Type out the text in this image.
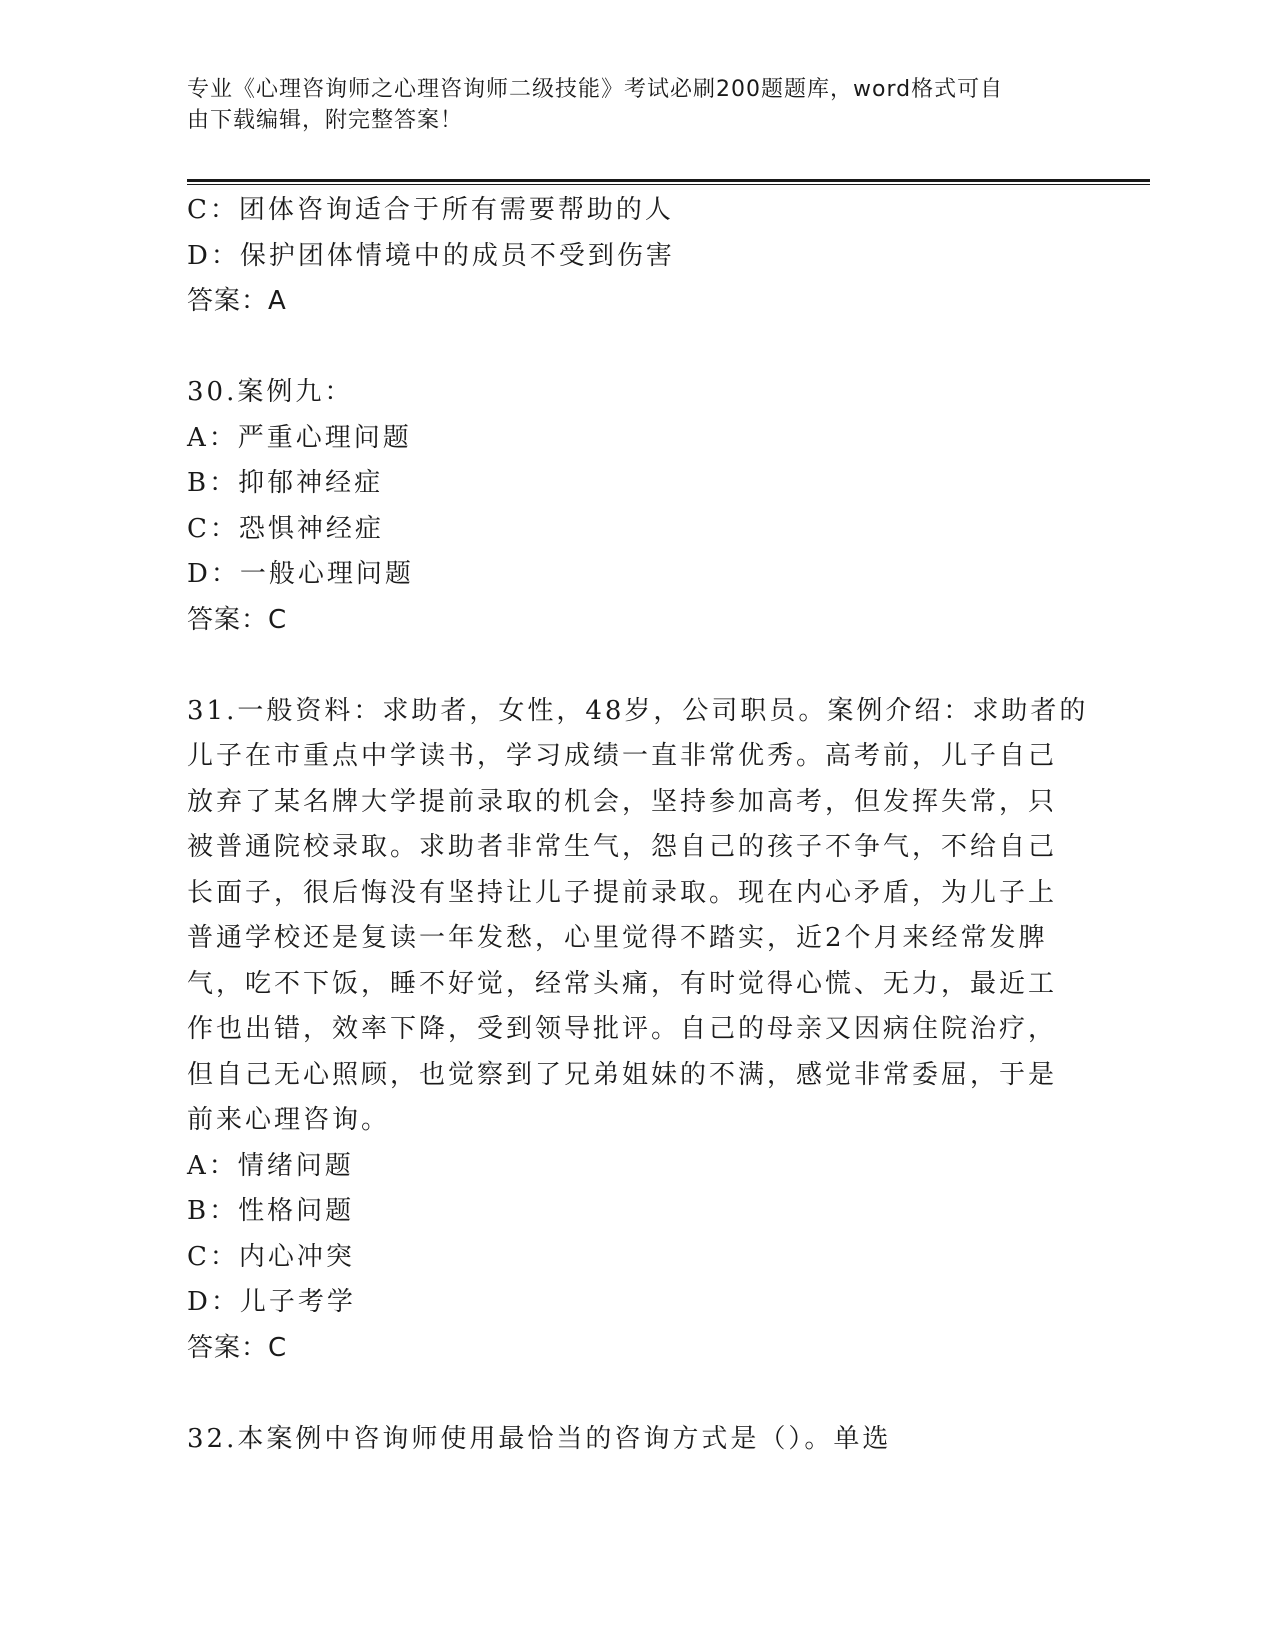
专业《心理咨询师之心理咨询师二级技能》考试必刷200题题库，word格式可自
由下载编辑，附完整答案！

C：团体咨询适合于所有需要帮助的人

D：保护团体情境中的成员不受到伤害

答案：A

30.案例九：

A：严重心理问题

B：抑郁神经症

C：恐惧神经症

D：一般心理问题

答案：C

31.一般资料：求助者，女性，48岁，公司职员。案例介绍：求助者的
儿子在市重点中学读书，学习成绩一直非常优秀。高考前，儿子自己
放弃了某名牌大学提前录取的机会，坚持参加高考，但发挥失常，只
被普通院校录取。求助者非常生气，怨自己的孩子不争气，不给自己
长面子，很后悔没有坚持让儿子提前录取。现在内心矛盾，为儿子上
普通学校还是复读一年发愁，心里觉得不踏实，近2个月来经常发脾
气，吃不下饭，睡不好觉，经常头痛，有时觉得心慌、无力，最近工
作也出错，效率下降，受到领导批评。自己的母亲又因病住院治疗，
但自己无心照顾，也觉察到了兄弟姐妹的不满，感觉非常委屈，于是
前来心理咨询。

A：情绪问题

B：性格问题

C：内心冲突

D：儿子考学

答案：C

32.本案例中咨询师使用最恰当的咨询方式是（）。单选
